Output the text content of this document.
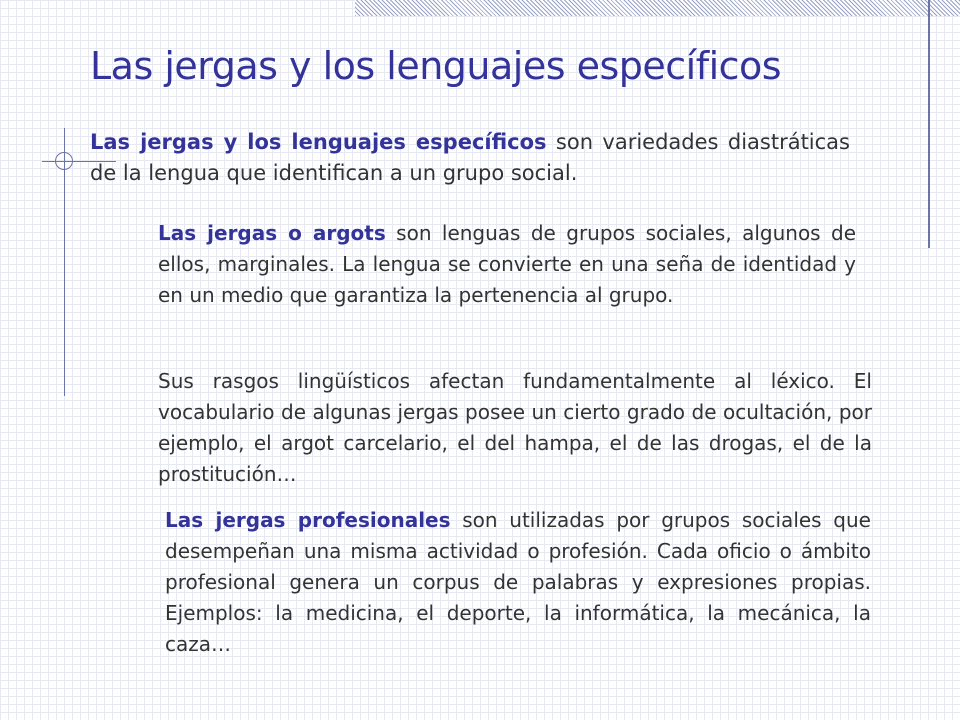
Las jergas y los lenguajes específicos

Las jergas y los lenguajes específicos son variedades diastráticas de la lengua que identifican a un grupo social.

Las jergas o argots son lenguas de grupos sociales, algunos de ellos, marginales. La lengua se convierte en una seña de identidad y en un medio que garantiza la pertenencia al grupo.

Sus rasgos lingüísticos afectan fundamentalmente al léxico. El vocabulario de algunas jergas posee un cierto grado de ocultación, por ejemplo, el argot carcelario, el del hampa, el de las drogas, el de la prostitución…

Las jergas profesionales son utilizadas por grupos sociales que desempeñan una misma actividad o profesión. Cada oficio o ámbito profesional genera un corpus de palabras y expresiones propias. Ejemplos: la medicina, el deporte, la informática, la mecánica, la caza…
